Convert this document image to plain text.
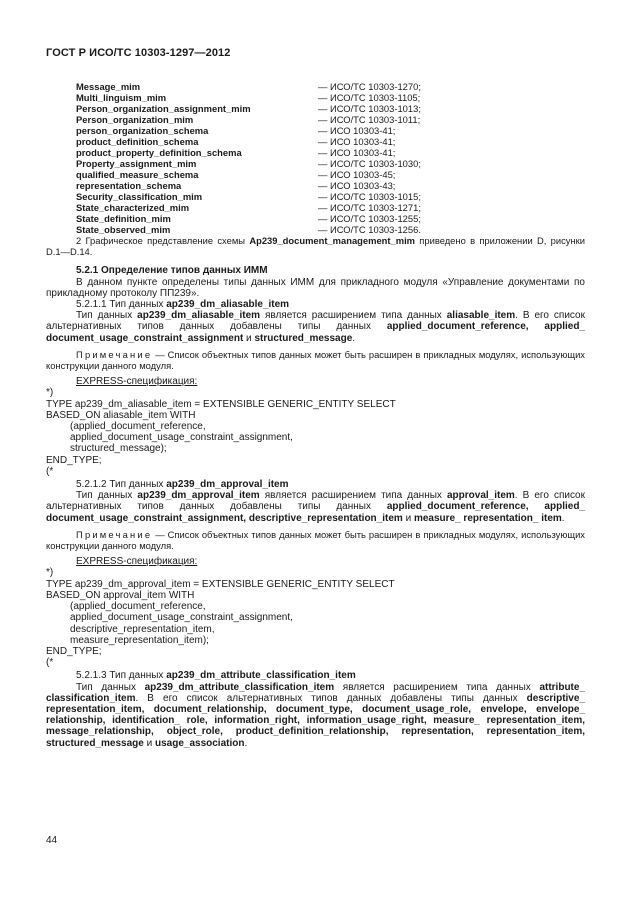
ГОСТ Р ИСО/ТС 10303-1297—2012
Message_mim	— ИСО/ТС 10303-1270;
Multi_linguism_mim	— ИСО/ТС 10303-1105;
Person_organization_assignment_mim	— ИСО/ТС 10303-1013;
Person_organization_mim	— ИСО/ТС 10303-1011;
person_organization_schema	— ИСО 10303-41;
product_definition_schema	— ИСО 10303-41;
product_property_definition_schema	— ИСО 10303-41;
Property_assignment_mim	— ИСО/ТС 10303-1030;
qualified_measure_schema	— ИСО 10303-45;
representation_schema	— ИСО 10303-43;
Security_classification_mim	— ИСО/ТС 10303-1015;
State_characterized_mim	— ИСО/ТС 10303-1271;
State_definition_mim	— ИСО/ТС 10303-1255;
State_observed_mim	— ИСО/ТС 10303-1256.

2 Графическое представление схемы Ap239_document_management_mim приведено в приложении D, рисунки D.1—D.14.

5.2.1 Определение типов данных ИММ

В данном пункте определены типы данных ИММ для прикладного модуля «Управление документами по прикладному протоколу ПП239».

5.2.1.1 Тип данных ap239_dm_aliasable_item

Тип данных ap239_dm_aliasable_item является расширением типа данных aliasable_item. В его список альтернативных типов данных добавлены типы данных applied_document_reference, applied_ document_usage_constraint_assignment и structured_message.

Примечание — Список объектных типов данных может быть расширен в прикладных модулях, использующих конструкции данного модуля.

EXPRESS-спецификация:

*)

TYPE ap239_dm_aliasable_item = EXTENSIBLE GENERIC_ENTITY SELECT

BASED_ON aliasable_item WITH

(applied_document_reference,

applied_document_usage_constraint_assignment,

structured_message);

END_TYPE;

(*

5.2.1.2 Тип данных ap239_dm_approval_item

Тип данных ap239_dm_approval_item является расширением типа данных approval_item. В его список альтернативных типов данных добавлены типы данных applied_document_reference, applied_ document_usage_constraint_assignment, descriptive_representation_item и measure_ representation_ item.

Примечание — Список объектных типов данных может быть расширен в прикладных модулях, использующих конструкции данного модуля.

EXPRESS-спецификация:

*)

TYPE ap239_dm_approval_item = EXTENSIBLE GENERIC_ENTITY SELECT

BASED_ON approval_item WITH

(applied_document_reference,

applied_document_usage_constraint_assignment,

descriptive_representation_item,

measure_representation_item);

END_TYPE;

(*

5.2.1.3 Тип данных ap239_dm_attribute_classification_item

Тип данных ap239_dm_attribute_classification_item является расширением типа данных attribute_ classification_item. В его список альтернативных типов данных добавлены типы данных descriptive_ representation_item, document_relationship, document_type, document_usage_role, envelope, envelope_ relationship, identification_ role, information_right, information_usage_right, measure_ representation_item, message_relationship, object_role, product_definition_relationship, representation, representation_item, structured_message и usage_association.

44
